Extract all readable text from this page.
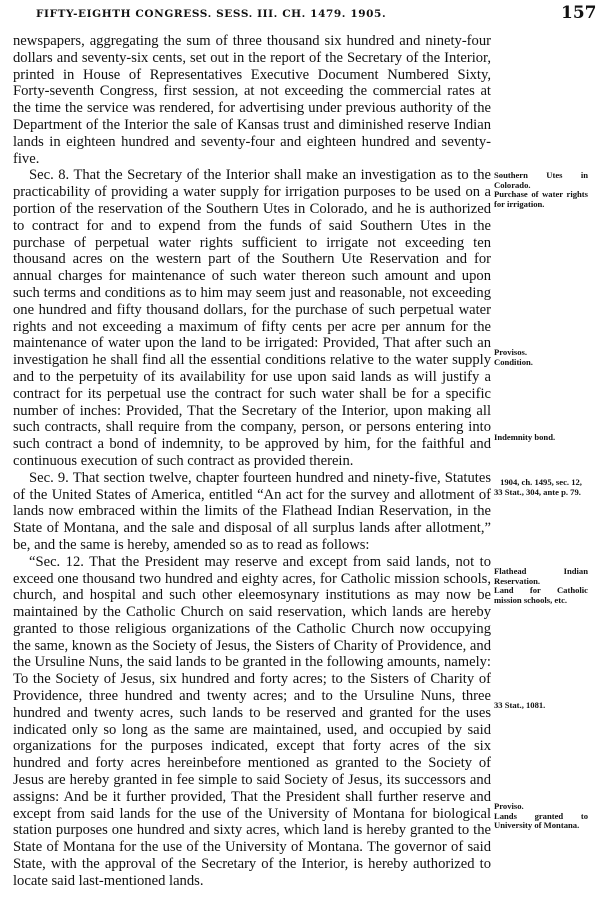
FIFTY-EIGHTH CONGRESS. SESS. III. CH. 1479. 1905.	157

newspapers, aggregating the sum of three thousand six hundred and ninety-four dollars and seventy-six cents, set out in the report of the Secretary of the Interior, printed in House of Representatives Executive Document Numbered Sixty, Forty-seventh Congress, first session, at not exceeding the commercial rates at the time the service was rendered, for advertising under previous authority of the Department of the Interior the sale of Kansas trust and diminished reserve Indian lands in eighteen hundred and seventy-four and eighteen hundred and seventy-five.

Sec. 8. That the Secretary of the Interior shall make an investigation as to the practicability of providing a water supply for irrigation purposes to be used on a portion of the reservation of the Southern Utes in Colorado, and he is authorized to contract for and to expend from the funds of said Southern Utes in the purchase of perpetual water rights sufficient to irrigate not exceeding ten thousand acres on the western part of the Southern Ute Reservation and for annual charges for maintenance of such water thereon such amount and upon such terms and conditions as to him may seem just and reasonable, not exceeding one hundred and fifty thousand dollars, for the purchase of such perpetual water rights and not exceeding a maximum of fifty cents per acre per annum for the maintenance of water upon the land to be irrigated: Provided, That after such an investigation he shall find all the essential conditions relative to the water supply and to the perpetuity of its availability for use upon said lands as will justify a contract for its perpetual use the contract for such water shall be for a specific number of inches: Provided, That the Secretary of the Interior, upon making all such contracts, shall require from the company, person, or persons entering into such contract a bond of indemnity, to be approved by him, for the faithful and continuous execution of such contract as provided therein.

Sec. 9. That section twelve, chapter fourteen hundred and ninety-five, Statutes of the United States of America, entitled “An act for the survey and allotment of lands now embraced within the limits of the Flathead Indian Reservation, in the State of Montana, and the sale and disposal of all surplus lands after allotment,” be, and the same is hereby, amended so as to read as follows:

“Sec. 12. That the President may reserve and except from said lands, not to exceed one thousand two hundred and eighty acres, for Catholic mission schools, church, and hospital and such other eleemosynary institutions as may now be maintained by the Catholic Church on said reservation, which lands are hereby granted to those religious organizations of the Catholic Church now occupying the same, known as the Society of Jesus, the Sisters of Charity of Providence, and the Ursuline Nuns, the said lands to be granted in the following amounts, namely: To the Society of Jesus, six hundred and forty acres; to the Sisters of Charity of Providence, three hundred and twenty acres; and to the Ursuline Nuns, three hundred and twenty acres, such lands to be reserved and granted for the uses indicated only so long as the same are maintained, used, and occupied by said organizations for the purposes indicated, except that forty acres of the six hundred and forty acres hereinbefore mentioned as granted to the Society of Jesus are hereby granted in fee simple to said Society of Jesus, its successors and assigns: And be it further provided, That the President shall further reserve and except from said lands for the use of the University of Montana for biological station purposes one hundred and sixty acres, which land is hereby granted to the State of Montana for the use of the University of Montana. The governor of said State, with the approval of the Secretary of the Interior, is hereby authorized to locate said last-mentioned lands.

Southern Utes in Colorado.
Purchase of water rights for irrigation.
Provisos.
Condition.
Indemnity bond.
1904, ch. 1495, sec. 12,
33 Stat., 304, ante p. 79.
Flathead Indian Reservation.
Land for Catholic mission schools, etc.
33 Stat., 1081.
Proviso.
Lands granted to University of Montana.
